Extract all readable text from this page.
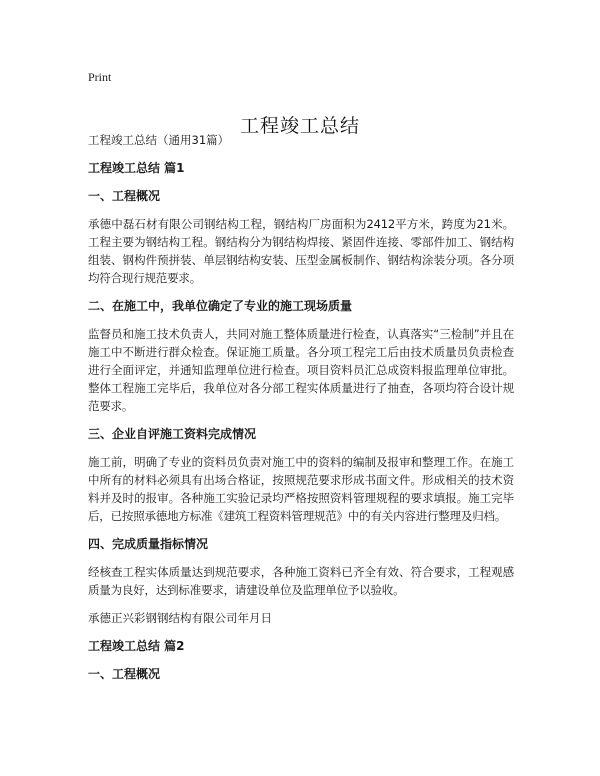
Print
工程竣工总结

工程竣工总结（通用31篇）

工程竣工总结 篇1

一、工程概况

承德中磊石材有限公司钢结构工程，钢结构厂房面积为2412平方米，跨度为21米。工程主要为钢结构工程。钢结构分为钢结构焊接、紧固件连接、零部件加工、钢结构组装、钢构件预拼装、单层钢结构安装、压型金属板制作、钢结构涂装分项。各分项均符合现行规范要求。

二、在施工中，我单位确定了专业的施工现场质量

监督员和施工技术负责人，共同对施工整体质量进行检查，认真落实“三检制”并且在施工中不断进行群众检查。保证施工质量。各分项工程完工后由技术质量员负责检查进行全面评定，并通知监理单位进行检查。项目资料员汇总成资料报监理单位审批。整体工程施工完毕后，我单位对各分部工程实体质量进行了抽查，各项均符合设计规范要求。

三、企业自评施工资料完成情况

施工前，明确了专业的资料员负责对施工中的资料的编制及报审和整理工作。在施工中所有的材料必须具有出场合格证，按照规范要求形成书面文件。形成相关的技术资料并及时的报审。各种施工实验记录均严格按照资料管理规程的要求填报。施工完毕后，已按照承德地方标准《建筑工程资料管理规范》中的有关内容进行整理及归档。

四、完成质量指标情况

经核查工程实体质量达到规范要求，各种施工资料已齐全有效、符合要求，工程观感质量为良好，达到标准要求，请建设单位及监理单位予以验收。

承德正兴彩钢钢结构有限公司年月日

工程竣工总结 篇2

一、工程概况
